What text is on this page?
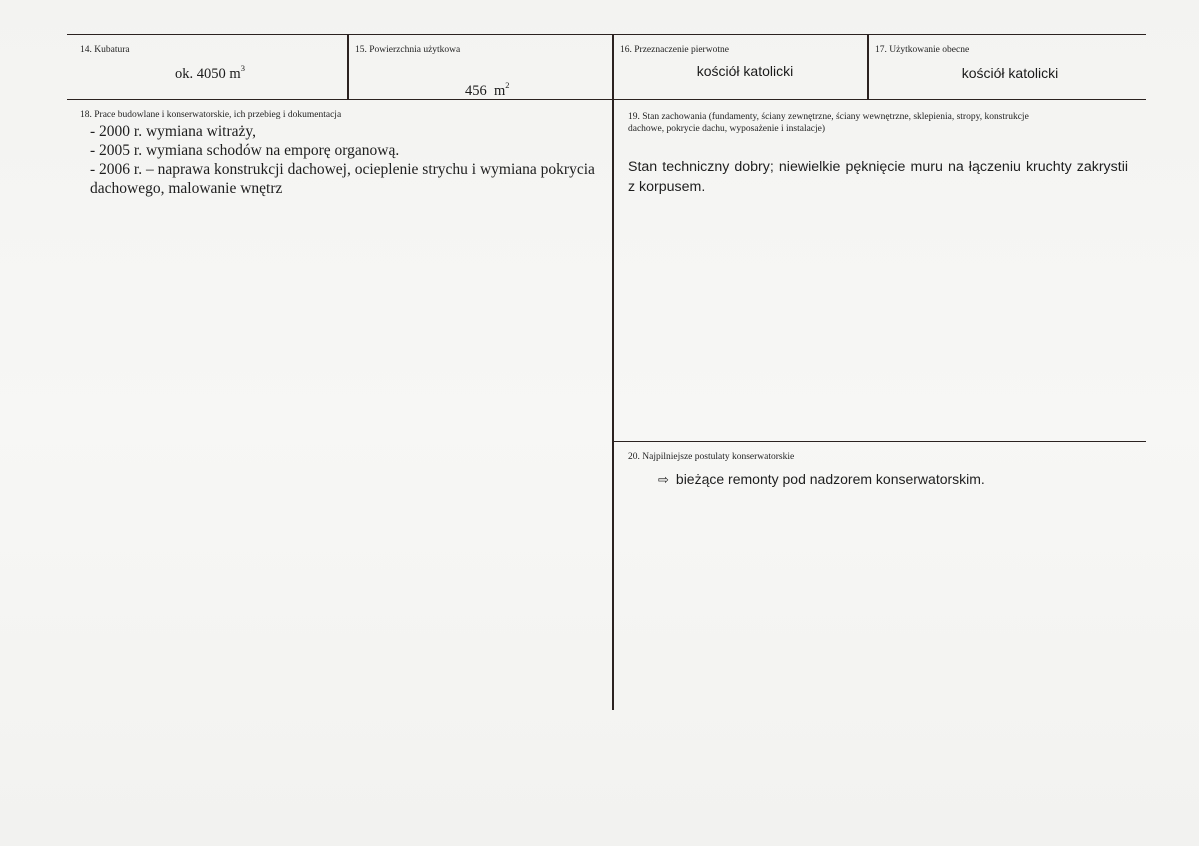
14. Kubatura
ok. 4050 $m^3$
15. Powierzchnia użytkowa

456  $m^2$

16. Przeznaczenie pierwotne
kościół katolicki
17. Użytkowanie obecne
kościół katolicki
18. Prace budowlane i konserwatorskie, ich przebieg i dokumentacja
- 2000 r. wymiana witraży,
- 2005 r. wymiana schodów na emporę organową.
- 2006 r. – naprawa konstrukcji dachowej, ocieplenie strychu i wymiana pokrycia
dachowego, malowanie wnętrz
19. Stan zachowania (fundamenty, ściany zewnętrzne, ściany wewnętrzne, sklepienia, stropy, konstrukcje
dachowe, pokrycie dachu, wyposażenie i instalacje)
Stan techniczny dobry; niewielkie pęknięcie muru na łączeniu kruchty zakrystii z korpusem.
20. Najpilniejsze postulaty konserwatorskie
⇨ bieżące remonty pod nadzorem konserwatorskim.
